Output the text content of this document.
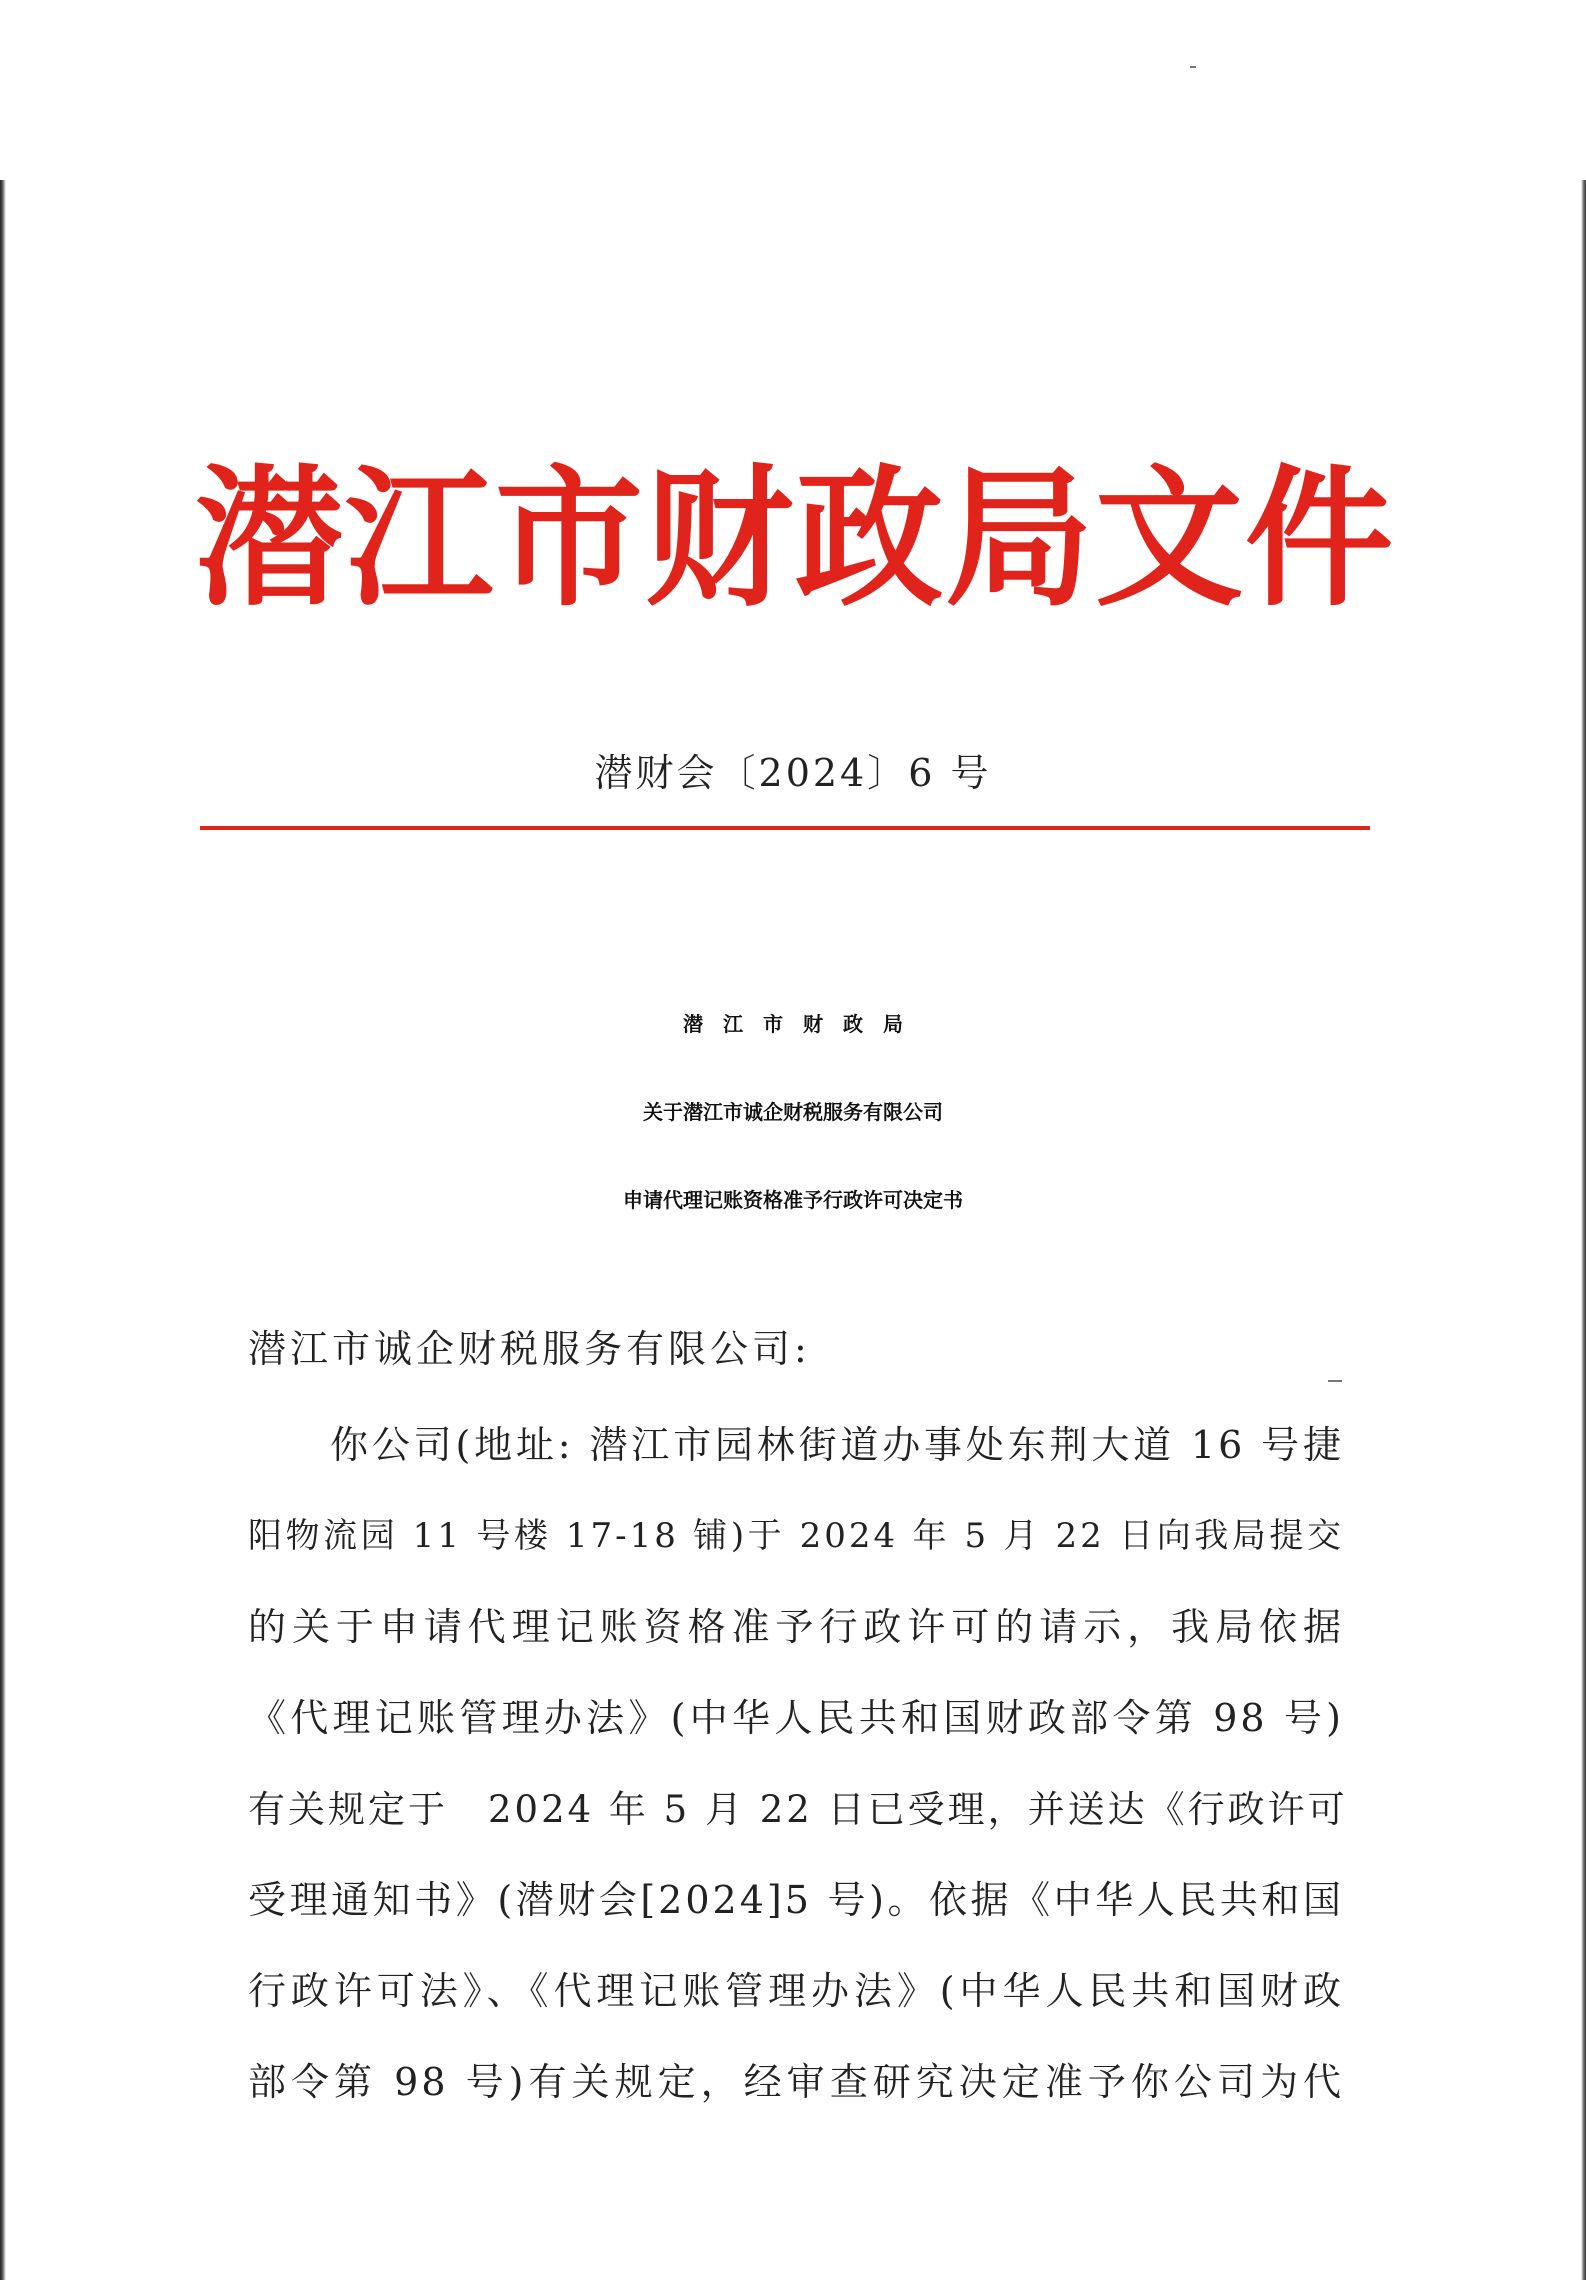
潜江市财政局文件
潜财会〔2024〕6 号
潜江市财政局
关于潜江市诚企财税服务有限公司
申请代理记账资格准予行政许可决定书
潜江市诚企财税服务有限公司:
你公司(地址: 潜江市园林街道办事处东荆大道 16 号捷
阳物流园 11 号楼 17-18 铺)于 2024 年 5 月 22 日向我局提交
的关于申请代理记账资格准予行政许可的请示，我局依据
《代理记账管理办法》(中华人民共和国财政部令第 98 号)
有关规定于　2024 年 5 月 22 日已受理，并送达《行政许可
受理通知书》(潜财会[2024]5 号)。依据《中华人民共和国
行政许可法》、《代理记账管理办法》(中华人民共和国财政
部令第 98 号)有关规定，经审查研究决定准予你公司为代
